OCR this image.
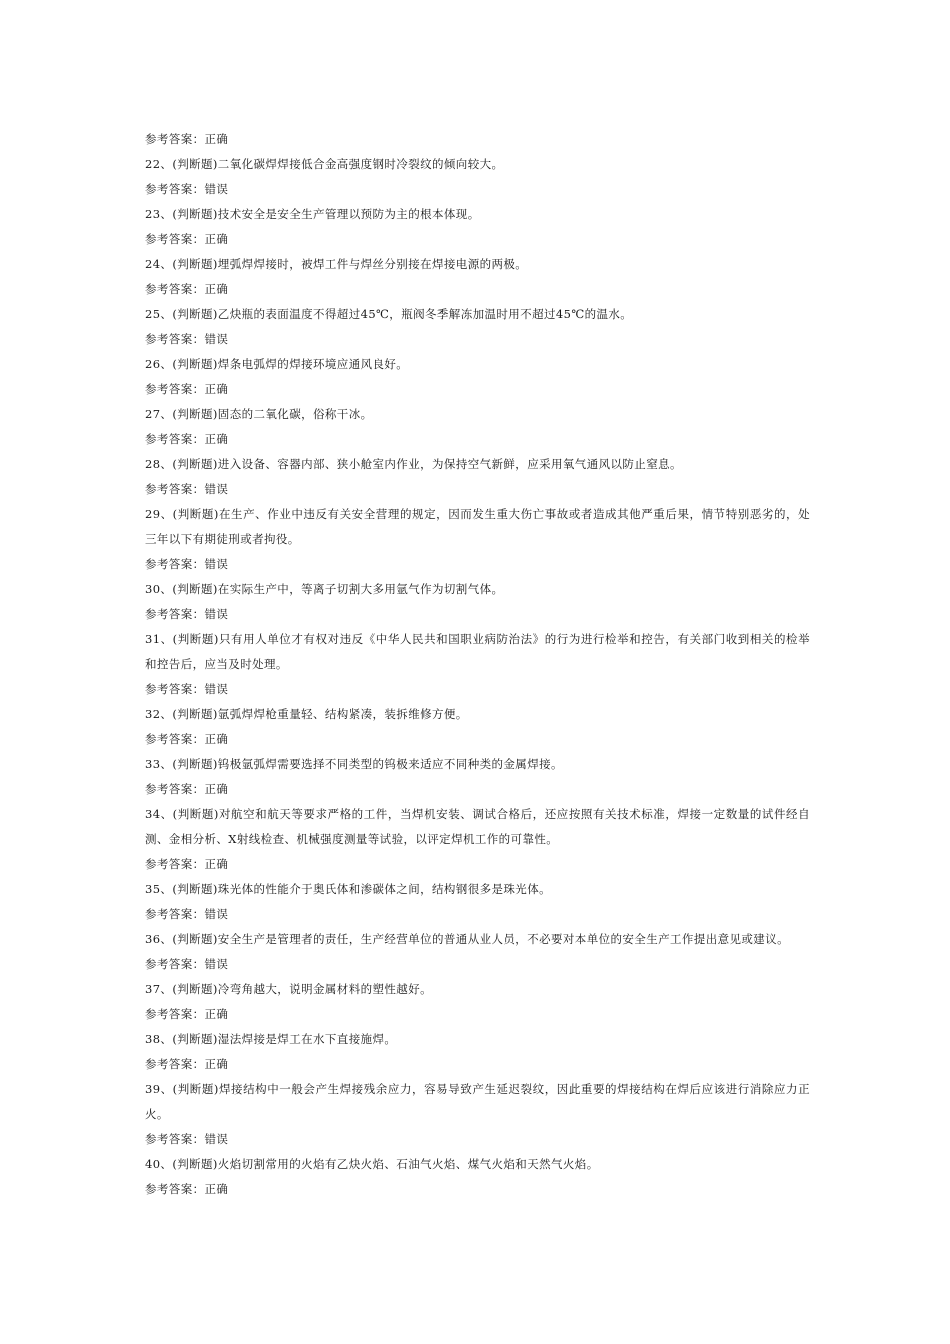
参考答案：正确
22、(判断题)二氧化碳焊焊接低合金高强度钢时冷裂纹的倾向较大。
参考答案：错误
23、(判断题)技术安全是安全生产管理以预防为主的根本体现。
参考答案：正确
24、(判断题)埋弧焊焊接时，被焊工件与焊丝分别接在焊接电源的两极。
参考答案：正确
25、(判断题)乙炔瓶的表面温度不得超过45℃，瓶阀冬季解冻加温时用不超过45℃的温水。
参考答案：错误
26、(判断题)焊条电弧焊的焊接环境应通风良好。
参考答案：正确
27、(判断题)固态的二氧化碳，俗称干冰。
参考答案：正确
28、(判断题)进入设备、容器内部、狭小舱室内作业，为保持空气新鲜，应采用氧气通风以防止窒息。
参考答案：错误
29、(判断题)在生产、作业中违反有关安全营理的规定，因而发生重大伤亡事故或者造成其他严重后果，情节特别恶劣的，处三年以下有期徒刑或者拘役。
参考答案：错误
30、(判断题)在实际生产中，等离子切割大多用氩气作为切割气体。
参考答案：错误
31、(判断题)只有用人单位才有权对违反《中华人民共和国职业病防治法》的行为进行检举和控告，有关部门收到相关的检举和控告后，应当及时处理。
参考答案：错误
32、(判断题)氩弧焊焊枪重量轻、结构紧凑，装拆维修方便。
参考答案：正确
33、(判断题)钨极氩弧焊需要选择不同类型的钨极来适应不同种类的金属焊接。
参考答案：正确
34、(判断题)对航空和航天等要求严格的工件，当焊机安装、调试合格后，还应按照有关技术标准，焊接一定数量的试件经自测、金相分析、X射线检查、机械强度测量等试验，以评定焊机工作的可靠性。
参考答案：正确
35、(判断题)珠光体的性能介于奥氏体和渗碳体之间，结构钢很多是珠光体。
参考答案：错误
36、(判断题)安全生产是管理者的责任，生产经营单位的普通从业人员，不必要对本单位的安全生产工作提出意见或建议。
参考答案：错误
37、(判断题)冷弯角越大，说明金属材料的塑性越好。
参考答案：正确
38、(判断题)湿法焊接是焊工在水下直接施焊。
参考答案：正确
39、(判断题)焊接结构中一般会产生焊接残余应力，容易导致产生延迟裂纹，因此重要的焊接结构在焊后应该进行消除应力正火。
参考答案：错误
40、(判断题)火焰切割常用的火焰有乙炔火焰、石油气火焰、煤气火焰和天然气火焰。
参考答案：正确
